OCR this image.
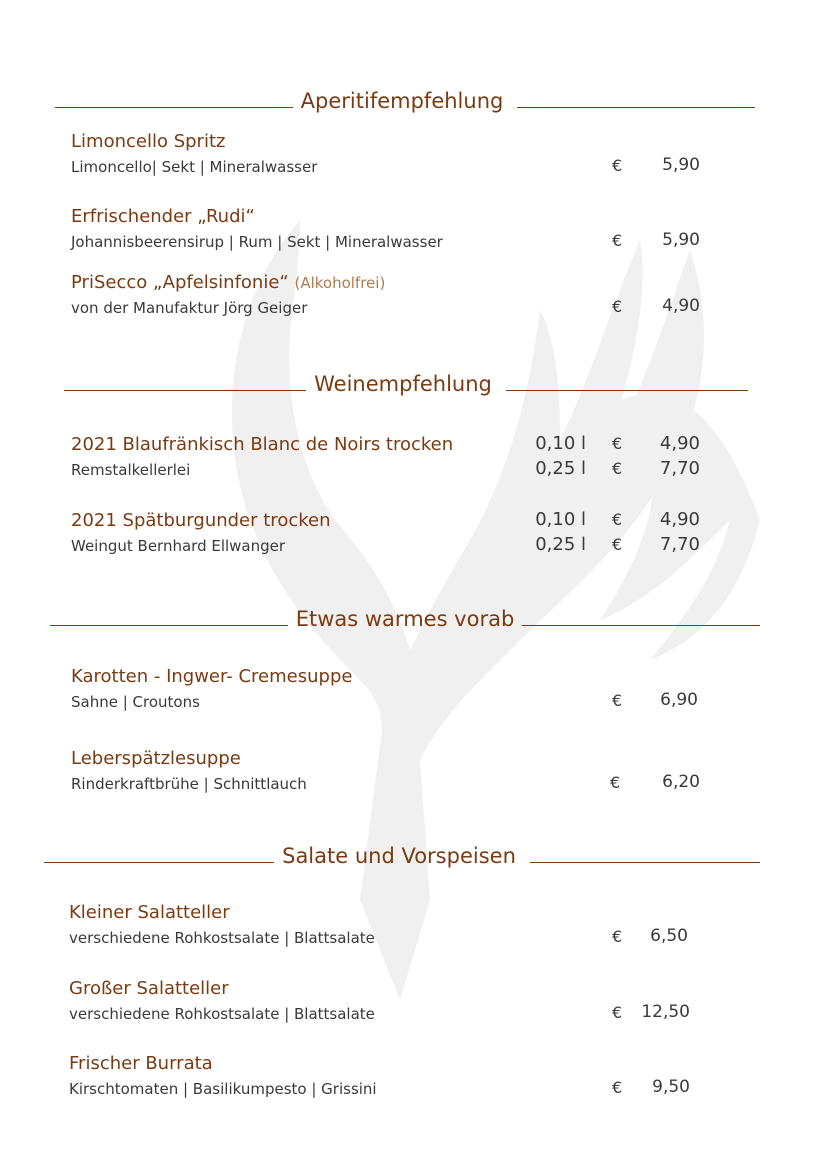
Aperitifempfehlung
Limoncello Spritz
Limoncello| Sekt | Mineralwasser	€	5,90
Erfrischender „Rudi“
Johannisbeerensirup | Rum | Sekt | Mineralwasser	€	5,90
PriSecco „Apfelsinfonie“ (Alkoholfrei)
von der Manufaktur Jörg Geiger	€	4,90
Weinempfehlung
2021 Blaufränkisch Blanc de Noirs trocken
Remstalkellerlei
0,10 l €	4,90
0,25 l €	7,70
2021 Spätburgunder trocken
Weingut Bernhard Ellwanger
0,10 l €	4,90
0,25 l €	7,70
Etwas warmes vorab
Karotten - Ingwer- Cremesuppe
Sahne | Croutons	€	6,90
Leberspätzlesuppe
Rinderkraftbrühe | Schnittlauch	€	6,20
Salate und Vorspeisen
Kleiner Salatteller
verschiedene Rohkostsalate | Blattsalate	€	6,50
Großer Salatteller
verschiedene Rohkostsalate | Blattsalate	€	12,50
Frischer Burrata
Kirschtomaten | Basilikumpesto | Grissini	€	9,50
